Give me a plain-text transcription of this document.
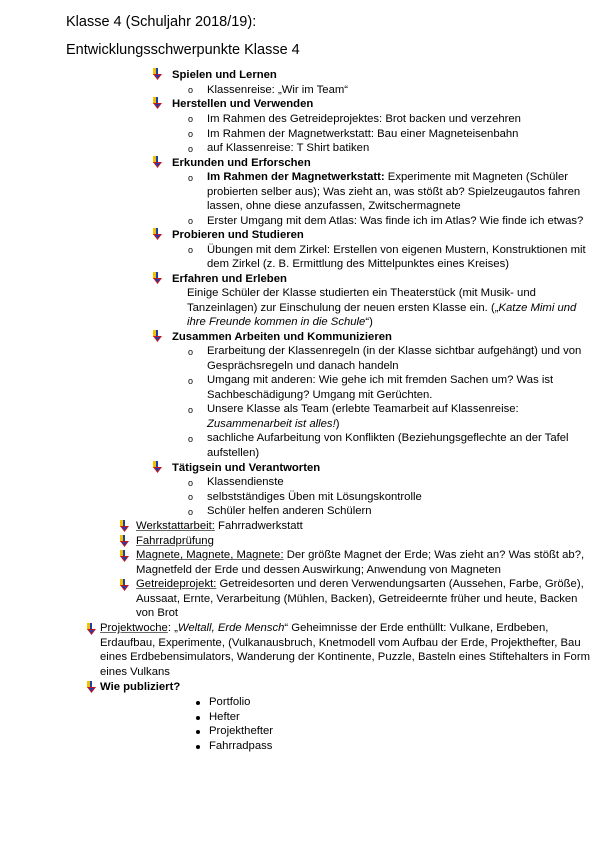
Klasse 4 (Schuljahr 2018/19):
Entwicklungsschwerpunkte Klasse 4
Spielen und Lernen
o Klassenreise: „Wir im Team“
Herstellen und Verwenden
o Im Rahmen des Getreideprojektes: Brot backen und verzehren
o Im Rahmen der Magnetwerkstatt: Bau einer Magneteisenbahn
o auf Klassenreise: T Shirt batiken
Erkunden und Erforschen
o Im Rahmen der Magnetwerkstatt: Experimente mit Magneten (Schüler
probierten selber aus); Was zieht an, was stößt ab? Spielzeugautos fahren
lassen, ohne diese anzufassen, Zwitschermagnete
o Erster Umgang mit dem Atlas: Was finde ich im Atlas? Wie finde ich etwas?
Probieren und Studieren
o Übungen mit dem Zirkel: Erstellen von eigenen Mustern, Konstruktionen mit
dem Zirkel (z. B. Ermittlung des Mittelpunktes eines Kreises)
Erfahren und Erleben
Einige Schüler der Klasse studierten ein Theaterstück (mit Musik- und
Tanzeinlagen) zur Einschulung der neuen ersten Klasse ein. („Katze Mimi und
ihre Freunde kommen in die Schule“)
Zusammen Arbeiten und Kommunizieren
o Erarbeitung der Klassenregeln (in der Klasse sichtbar aufgehängt) und von
Gesprächsregeln und danach handeln
o Umgang mit anderen: Wie gehe ich mit fremden Sachen um? Was ist
Sachbeschädigung? Umgang mit Gerüchten.
o Unsere Klasse als Team (erlebte Teamarbeit auf Klassenreise:
Zusammenarbeit ist alles!)
o sachliche Aufarbeitung von Konflikten (Beziehungsgeflechte an der Tafel
aufstellen)
Tätigsein und Verantworten
o Klassendienste
o selbstständiges Üben mit Lösungskontrolle
o Schüler helfen anderen Schülern
Werkstattarbeit: Fahrradwerkstatt
Fahrradprüfung
Magnete, Magnete, Magnete: Der größte Magnet der Erde; Was zieht an? Was stößt ab?,
Magnetfeld der Erde und dessen Auswirkung; Anwendung von Magneten
Getreideprojekt: Getreidesorten und deren Verwendungsarten (Aussehen, Farbe, Größe),
Aussaat, Ernte, Verarbeitung (Mühlen, Backen), Getreideernte früher und heute, Backen
von Brot
Projektwoche: „Weltall, Erde Mensch“ Geheimnisse der Erde enthüllt: Vulkane, Erdbeben,
Erdaufbau, Experimente, (Vulkanausbruch, Knetmodell vom Aufbau der Erde, Projekthefter, Bau
eines Erdbebensimulators, Wanderung der Kontinente, Puzzle, Basteln eines Stiftehalters in Form
eines Vulkans
Wie publiziert?
Portfolio
Hefter
Projekthefter
Fahrradpass
